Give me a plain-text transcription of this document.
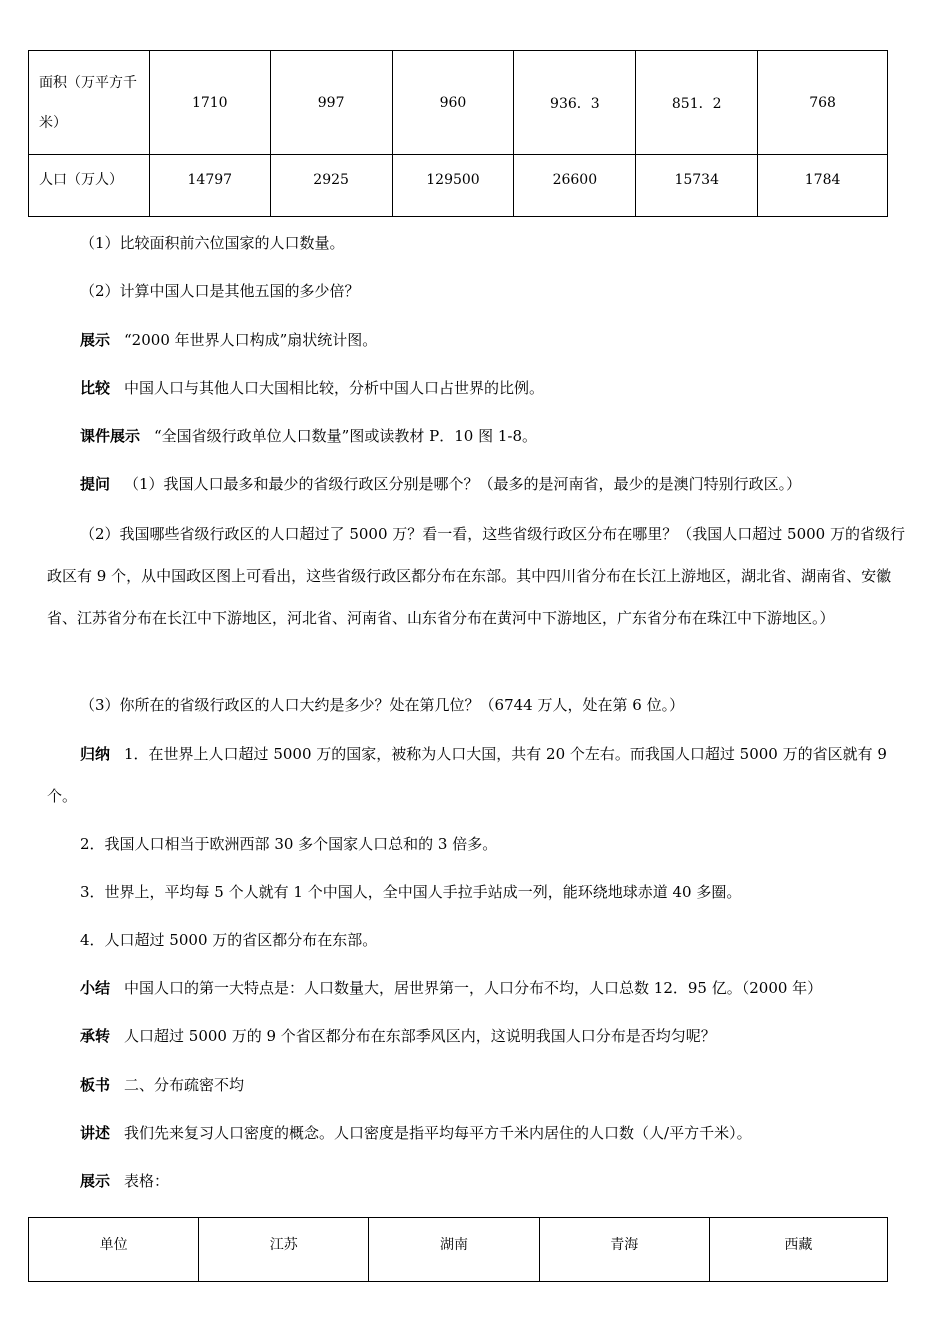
面积（万平方千米）	1710	997	960	936．3	851．2	768
人口（万人）	14797	2925	129500	26600	15734	1784
（1）比较面积前六位国家的人口数量。
（2）计算中国人口是其他五国的多少倍？
展示 “2000 年世界人口构成”扇状统计图。
比较 中国人口与其他人口大国相比较，分析中国人口占世界的比例。
课件展示 “全国省级行政单位人口数量”图或读教材 P．10 图 1-8。
提问 （1）我国人口最多和最少的省级行政区分别是哪个？（最多的是河南省，最少的是澳门特别行政区。）
（2）我国哪些省级行政区的人口超过了 5000 万？看一看，这些省级行政区分布在哪里？（我国人口超过 5000 万的省级行政区有 9 个，从中国政区图上可看出，这些省级行政区都分布在东部。其中四川省分布在长江上游地区，湖北省、湖南省、安徽省、江苏省分布在长江中下游地区，河北省、河南省、山东省分布在黄河中下游地区，广东省分布在珠江中下游地区。）
（3）你所在的省级行政区的人口大约是多少？处在第几位？（6744 万人，处在第 6 位。）
归纳 1．在世界上人口超过 5000 万的国家，被称为人口大国，共有 20 个左右。而我国人口超过 5000 万的省区就有 9 个。
2．我国人口相当于欧洲西部 30 多个国家人口总和的 3 倍多。
3．世界上，平均每 5 个人就有 1 个中国人，全中国人手拉手站成一列，能环绕地球赤道 40 多圈。
4．人口超过 5000 万的省区都分布在东部。
小结 中国人口的第一大特点是：人口数量大，居世界第一，人口分布不均，人口总数 12．95 亿。（2000 年）
承转 人口超过 5000 万的 9 个省区都分布在东部季风区内，这说明我国人口分布是否均匀呢？
板书 二、分布疏密不均
讲述 我们先来复习人口密度的概念。人口密度是指平均每平方千米内居住的人口数（人/平方千米）。
展示 表格：
单位	江苏	湖南	青海	西藏
